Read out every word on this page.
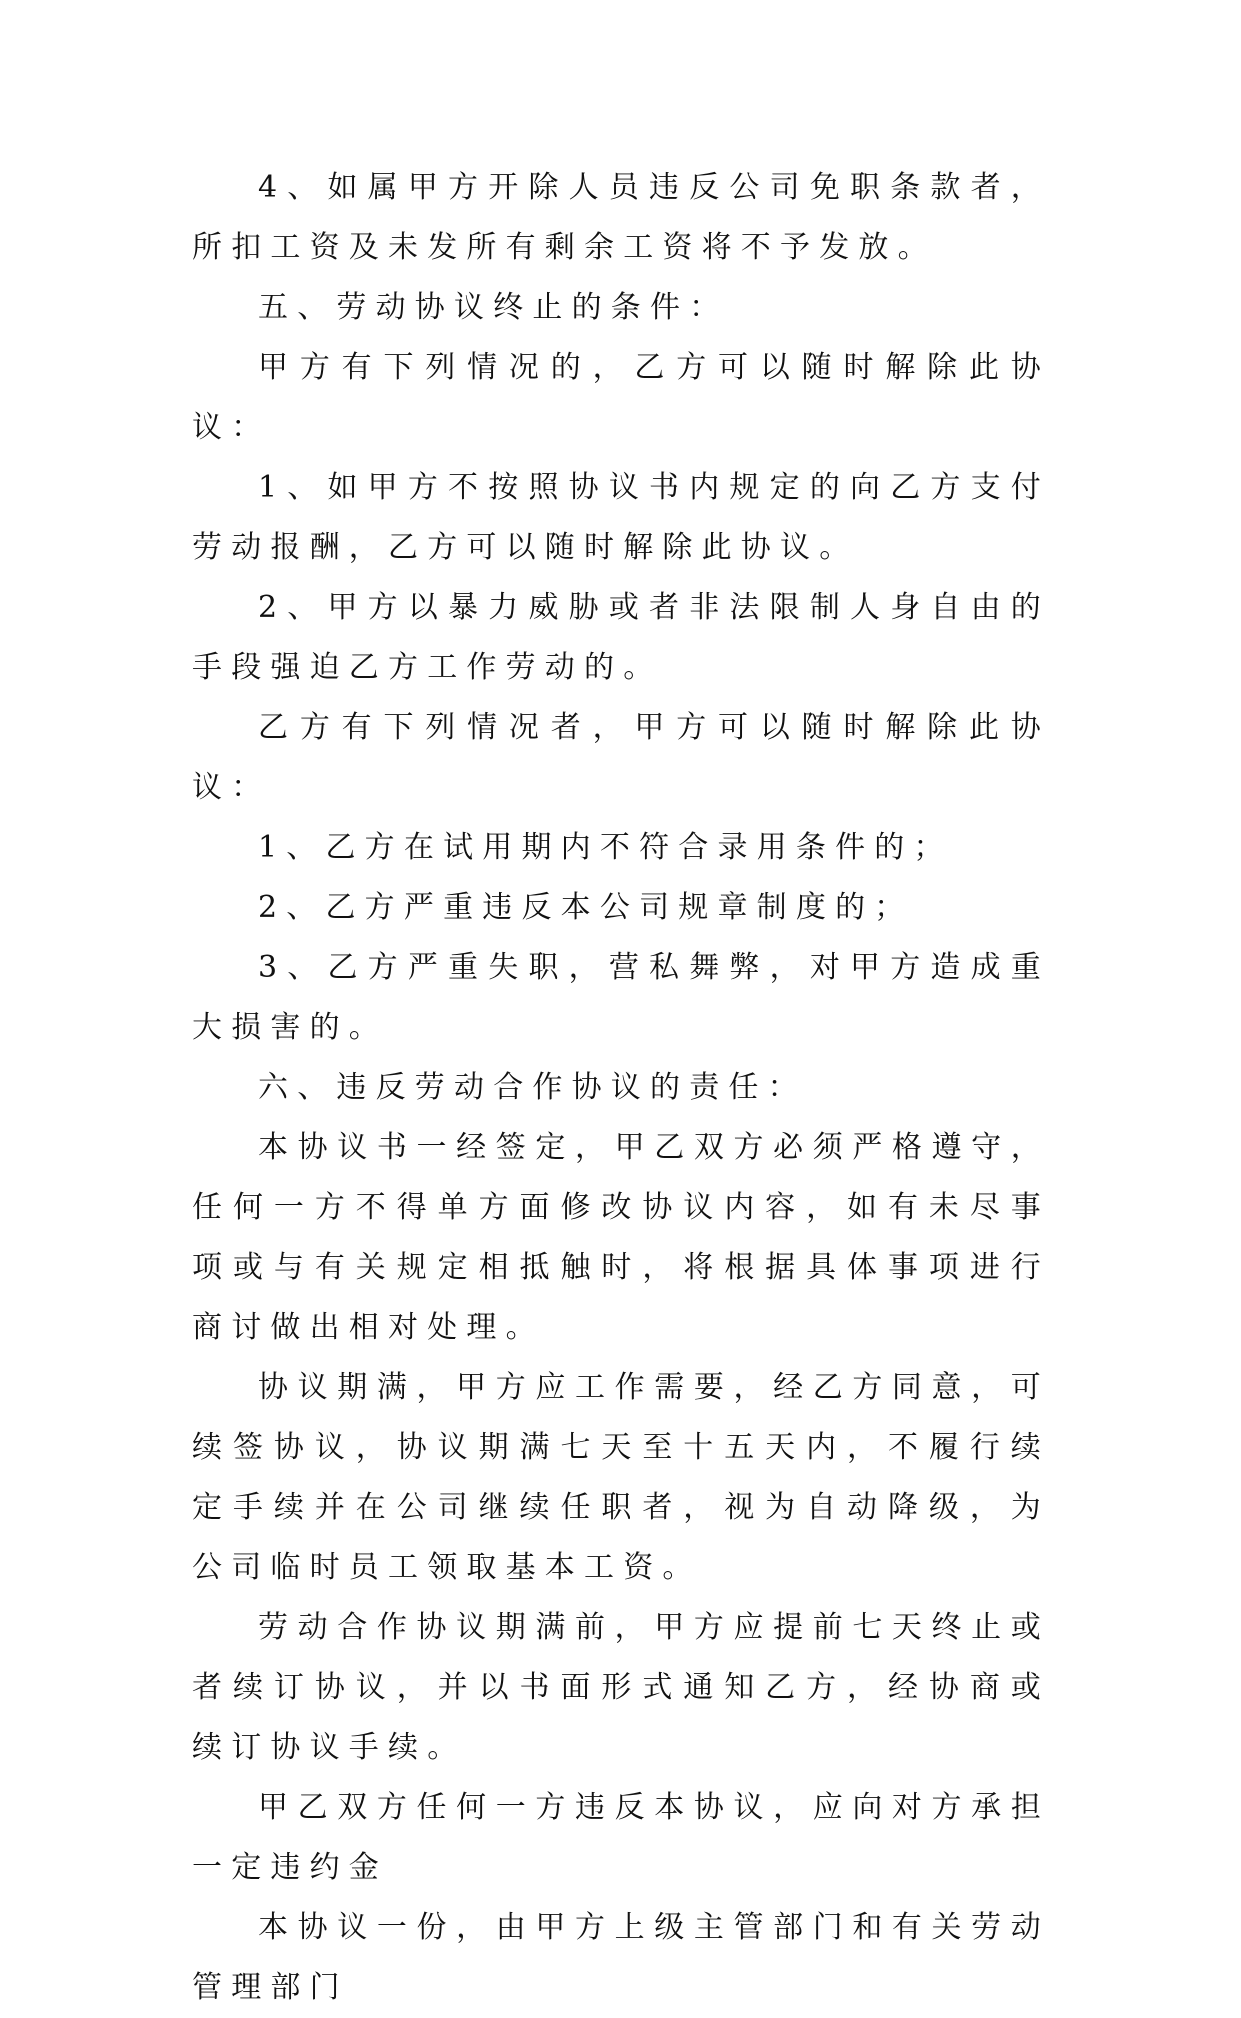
4、如属甲方开除人员违反公司免职条款者，所扣工资及未发所有剩余工资将不予发放。

五、劳动协议终止的条件：

甲方有下列情况的，乙方可以随时解除此协议：

1、如甲方不按照协议书内规定的向乙方支付劳动报酬，乙方可以随时解除此协议。

2、甲方以暴力威胁或者非法限制人身自由的手段强迫乙方工作劳动的。

乙方有下列情况者，甲方可以随时解除此协议：

1、乙方在试用期内不符合录用条件的；

2、乙方严重违反本公司规章制度的；

3、乙方严重失职，营私舞弊，对甲方造成重大损害的。

六、违反劳动合作协议的责任：

本协议书一经签定，甲乙双方必须严格遵守，任何一方不得单方面修改协议内容，如有未尽事项或与有关规定相抵触时，将根据具体事项进行商讨做出相对处理。

协议期满，甲方应工作需要，经乙方同意，可续签协议，协议期满七天至十五天内，不履行续定手续并在公司继续任职者，视为自动降级，为公司临时员工领取基本工资。

劳动合作协议期满前，甲方应提前七天终止或者续订协议，并以书面形式通知乙方，经协商或续订协议手续。

甲乙双方任何一方违反本协议，应向对方承担一定违约金

本协议一份，由甲方上级主管部门和有关劳动管理部门
